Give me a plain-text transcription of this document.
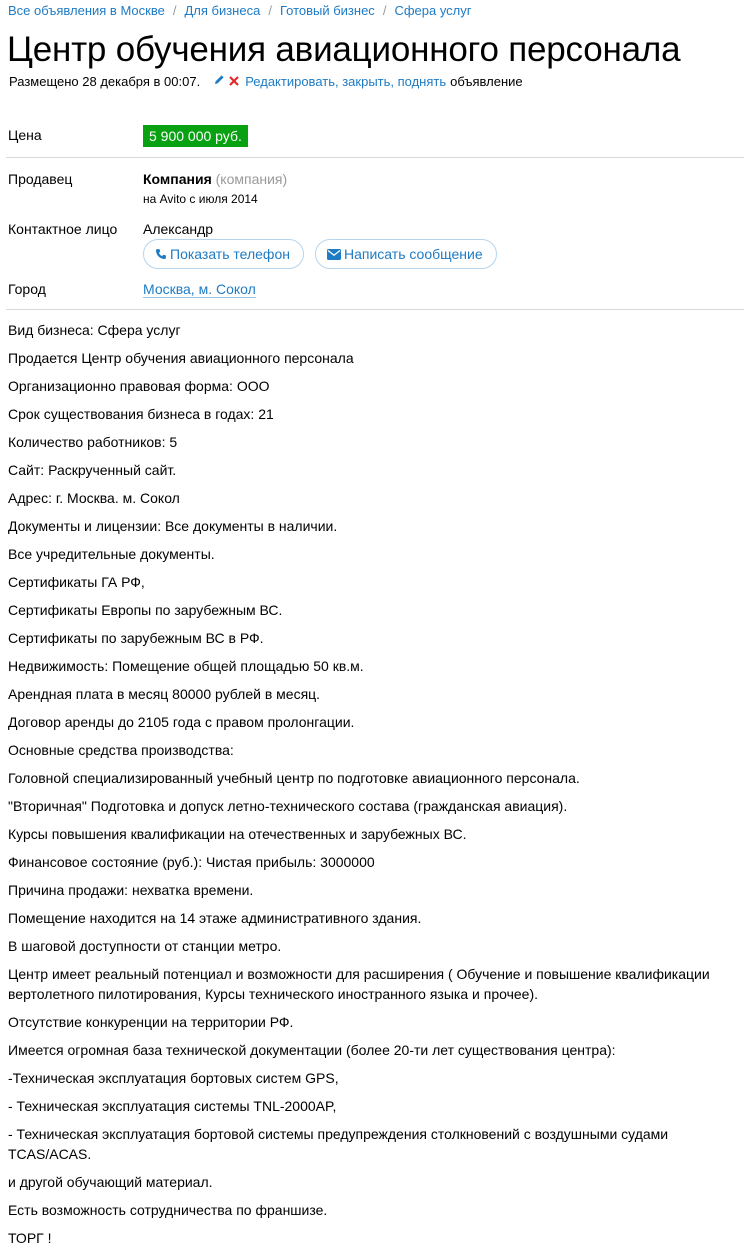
Все объявления в Москве / Для бизнеса / Готовый бизнес / Сфера услуг
Центр обучения авиационного персонала
Размещено 28 декабря в 00:07.	Редактировать, закрыть, поднять объявление
Цена	5 900 000 руб.
Продавец	Компания (компания)
на Avito с июля 2014
Контактное лицо Александр
Показать телефон	Написать сообщение
Город	Москва, м. Сокол

Вид бизнеса: Сфера услуг

Продается Центр обучения авиационного персонала

Организационно правовая форма: ООО

Срок существования бизнеса в годах: 21

Количество работников: 5

Сайт: Раскрученный сайт.

Адрес: г. Москва. м. Сокол

Документы и лицензии: Все документы в наличии.

Все учредительные документы.

Сертификаты ГА РФ,

Сертификаты Европы по зарубежным ВС.

Сертификаты по зарубежным ВС в РФ.

Недвижимость: Помещение общей площадью 50 кв.м.

Арендная плата в месяц 80000 рублей в месяц.

Договор аренды до 2105 года с правом пролонгации.

Основные средства производства:

Головной специализированный учебный центр по подготовке авиационного персонала.

"Вторичная" Подготовка и допуск летно-технического состава (гражданская авиация).

Курсы повышения квалификации на отечественных и зарубежных ВС.

Финансовое состояние (руб.): Чистая прибыль: 3000000

Причина продажи: нехватка времени.

Помещение находится на 14 этаже административного здания.

В шаговой доступности от станции метро.

Центр имеет реальный потенциал и возможности для расширения ( Обучение и повышение квалификации вертолетного пилотирования, Курсы технического иностранного языка и прочее).

Отсутствие конкуренции на территории РФ.

Имеется огромная база технической документации (более 20-ти лет существования центра):

-Техническая эксплуатация бортовых систем GPS,

- Техническая эксплуатация системы TNL-2000AP,

- Техническая эксплуатация бортовой системы предупреждения столкновений с воздушными судами TCAS/ACAS.

и другой обучающий материал.

Есть возможность сотрудничества по франшизе.

ТОРГ !
